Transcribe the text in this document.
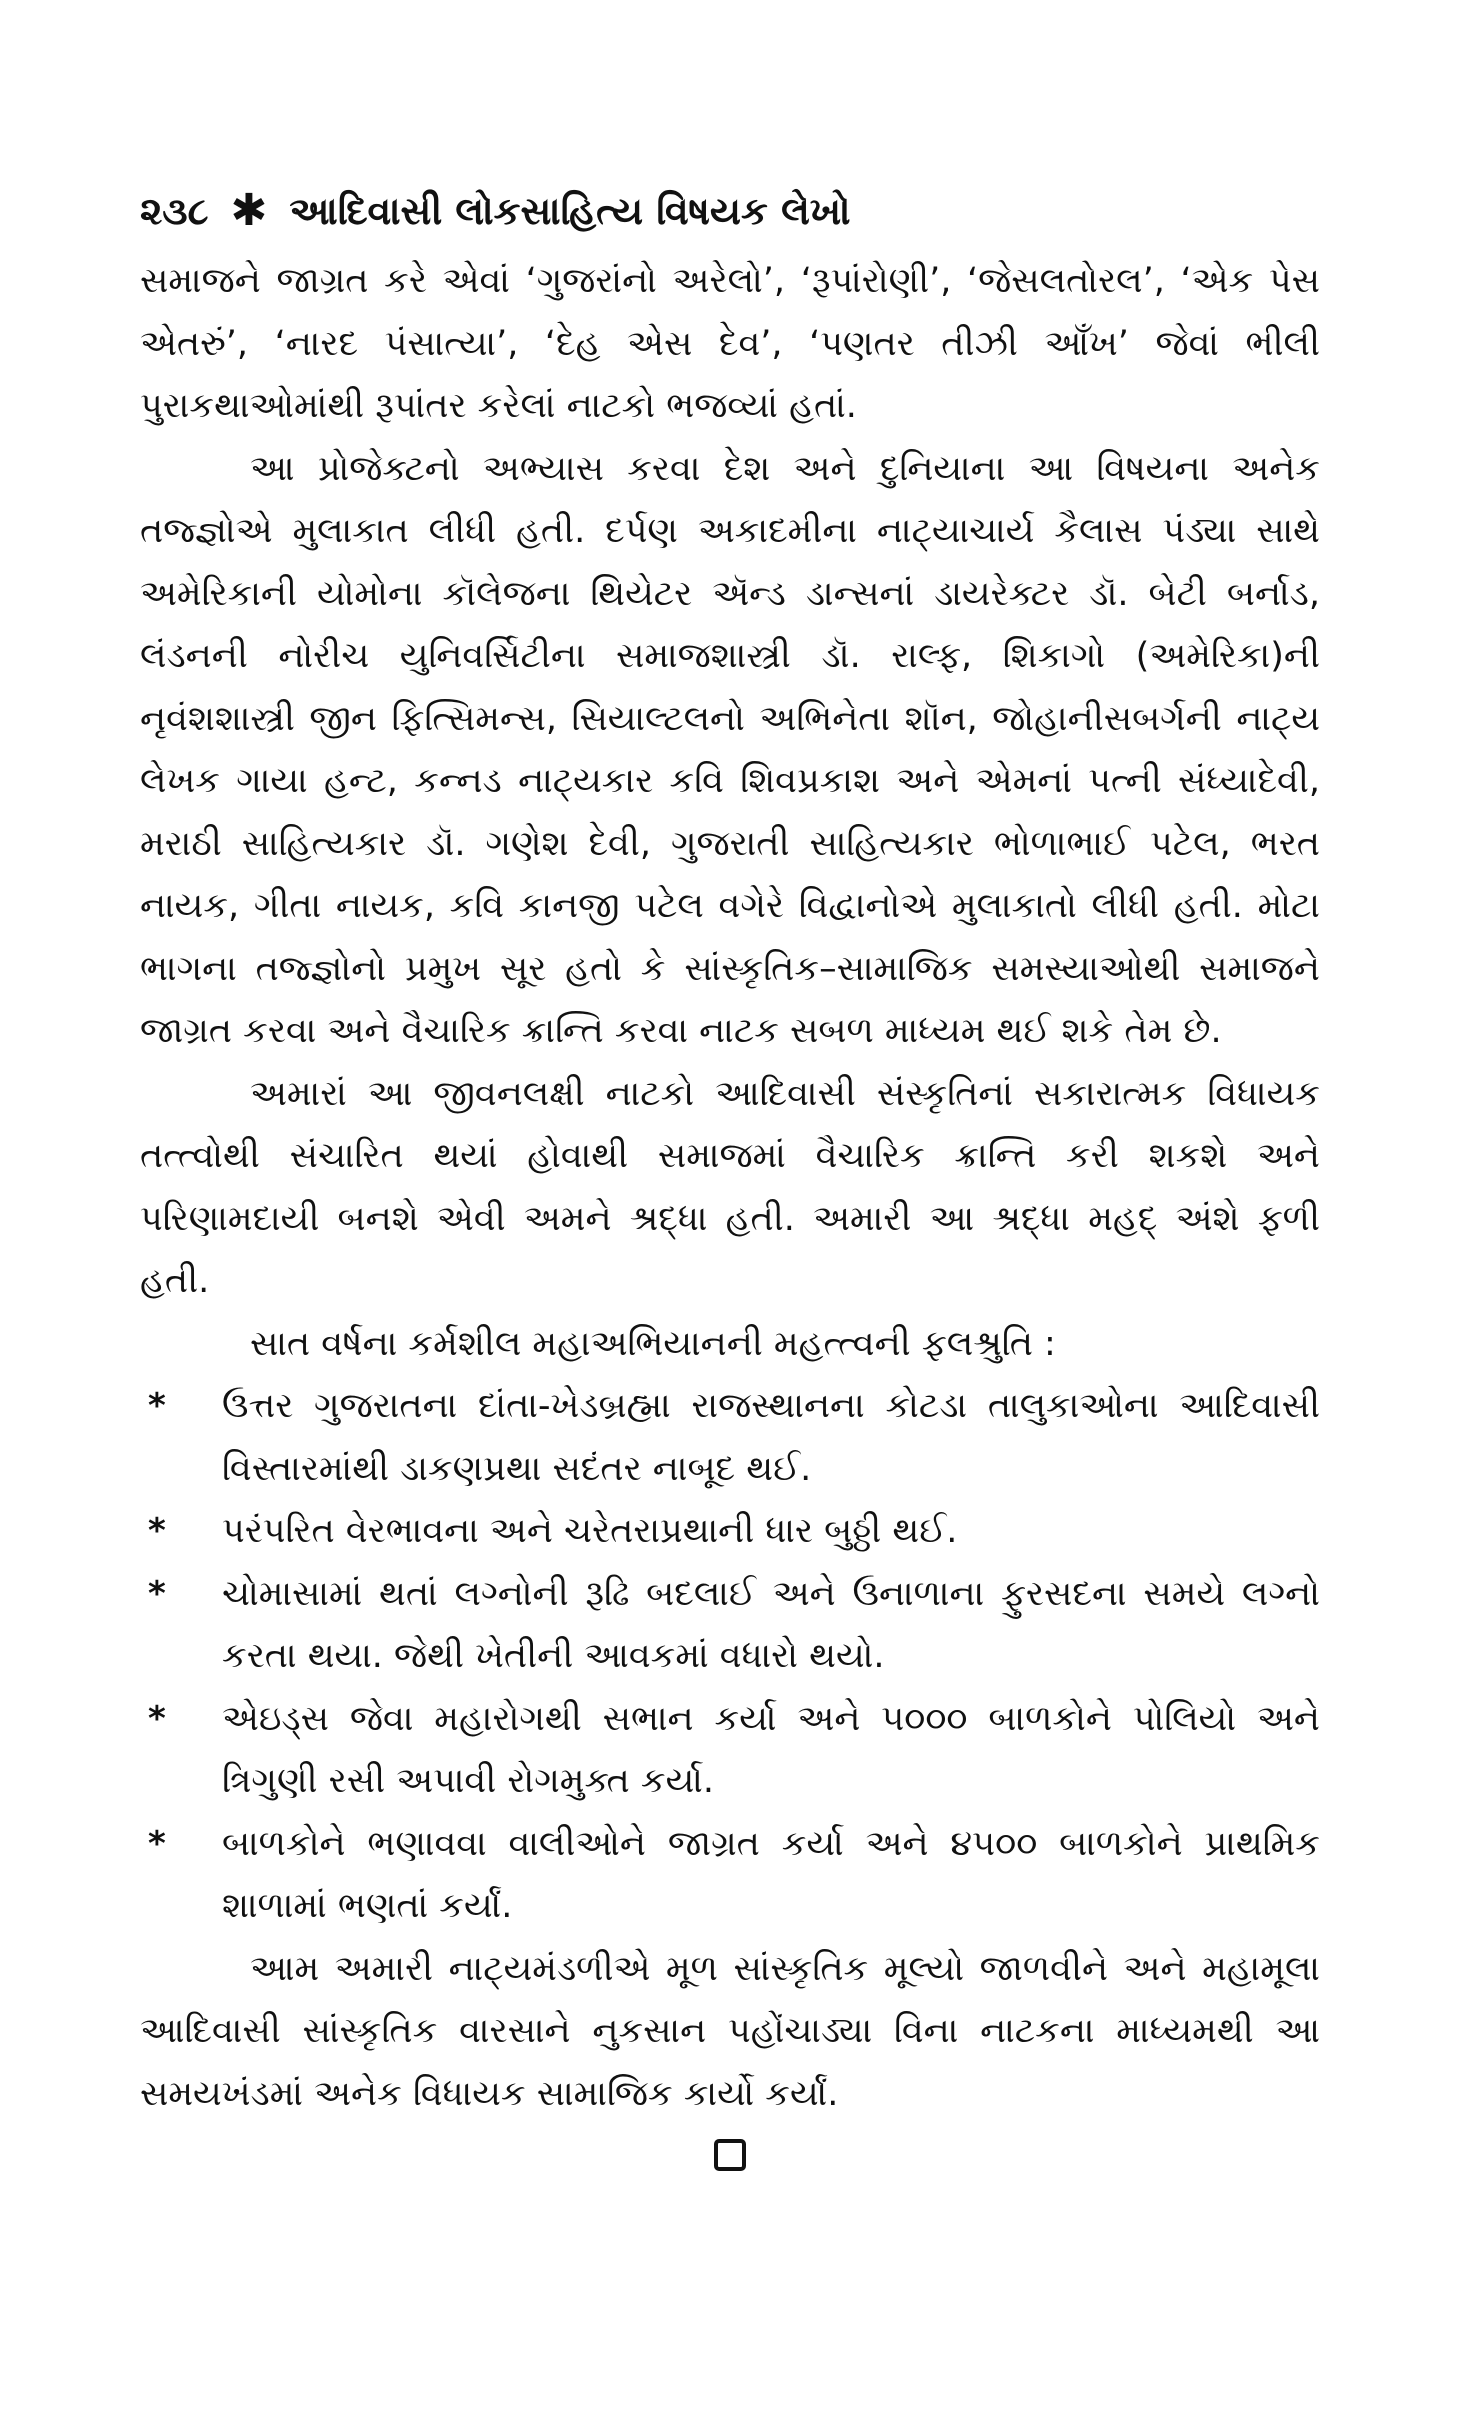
૨૩૮ ✱ આદિવાસી લોકસાહિત્ય વિષયક લેખો

સમાજને જાગ્રત કરે એવાં ‘ગુજરાંનો અરેલો’, ‘રૂપાંરોણી’, ‘જેસલતોરલ’, ‘એક પેસ એતરું’, ‘નારદ પંસાત્યા’, ‘દેહ એસ દેવ’, ‘પણતર તીઝી આઁખ’ જેવાં ભીલી પુરાકથાઓમાંથી રૂપાંતર કરેલાં નાટકો ભજવ્યાં હતાં.

આ પ્રોજેક્ટનો અભ્યાસ કરવા દેશ અને દુનિયાના આ વિષયના અનેક તજ્જ્ઞોએ મુલાકાત લીધી હતી. દર્પણ અકાદમીના નાટ્યાચાર્ય કૈલાસ પંડ્યા સાથે અમેરિકાની યોમોના કૉલેજના થિયેટર ઍન્ડ ડાન્સનાં ડાયરેક્ટર ડૉ. બેટી બર્નાડ, લંડનની નોરીચ યુનિવર્સિટીના સમાજશાસ્ત્રી ડૉ. રાલ્ફ, શિકાગો (અમેરિકા)ની નૃવંશશાસ્ત્રી જીન ફિત્સિમન્સ, સિયાલ્ટલનો અભિનેતા શૉન, જોહાનીસબર્ગની નાટ્ય લેખક ગાયા હન્ટ, કન્નડ નાટ્યકાર કવિ શિવપ્રકાશ અને એમનાં પત્ની સંધ્યાદેવી, મરાઠી સાહિત્યકાર ડૉ. ગણેશ દેવી, ગુજરાતી સાહિત્યકાર ભોળાભાઈ પટેલ, ભરત નાયક, ગીતા નાયક, કવિ કાનજી પટેલ વગેરે વિદ્વાનોએ મુલાકાતો લીધી હતી. મોટા ભાગના તજ્જ્ઞોનો પ્રમુખ સૂર હતો કે સાંસ્કૃતિક–સામાજિક સમસ્યાઓથી સમાજને જાગ્રત કરવા અને વૈચારિક ક્રાન્તિ કરવા નાટક સબળ માધ્યમ થઈ શકે તેમ છે.

અમારાં આ જીવનલક્ષી નાટકો આદિવાસી સંસ્કૃતિનાં સકારાત્મક વિધાયક તત્ત્વોથી સંચારિત થયાં હોવાથી સમાજમાં વૈચારિક ક્રાન્તિ કરી શકશે અને પરિણામદાયી બનશે એવી અમને શ્રદ્ધા હતી. અમારી આ શ્રદ્ધા મહદ્ અંશે ફળી હતી.

સાત વર્ષના કર્મશીલ મહાઅભિયાનની મહત્ત્વની ફલશ્રુતિ :

* ઉત્તર ગુજરાતના દાંતા-ખેડબ્રહ્મા રાજસ્થાનના કોટડા તાલુકાઓના આદિવાસી વિસ્તારમાંથી ડાકણપ્રથા સદંતર નાબૂદ થઈ.
* પરંપરિત વેરભાવના અને ચરેતરાપ્રથાની ધાર બુઠ્ઠી થઈ.
* ચોમાસામાં થતાં લગ્નોની રૂઢિ બદલાઈ અને ઉનાળાના ફુરસદના સમયે લગ્નો કરતા થયા. જેથી ખેતીની આવકમાં વધારો થયો.
* એઇડ્સ જેવા મહારોગથી સભાન કર્યા અને ૫૦૦૦ બાળકોને પોલિયો અને ત્રિગુણી રસી અપાવી રોગમુક્ત કર્યા.
* બાળકોને ભણાવવા વાલીઓને જાગ્રત કર્યા અને ૪૫૦૦ બાળકોને પ્રાથમિક શાળામાં ભણતાં કર્યાં.

આમ અમારી નાટ્યમંડળીએ મૂળ સાંસ્કૃતિક મૂલ્યો જાળવીને અને મહામૂલા આદિવાસી સાંસ્કૃતિક વારસાને નુકસાન પહોંચાડ્યા વિના નાટકના માધ્યમથી આ સમયખંડમાં અનેક વિધાયક સામાજિક કાર્યો કર્યાં.
